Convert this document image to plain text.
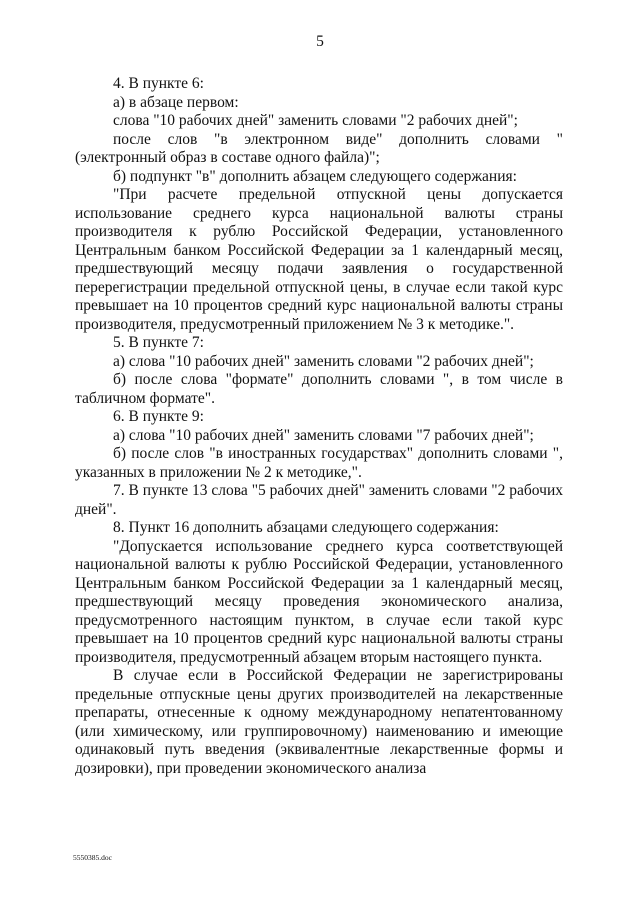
5

4. В пункте 6:

а) в абзаце первом:

слова "10 рабочих дней" заменить словами "2 рабочих дней";

после слов "в электронном виде" дополнить словами "(электронный образ в составе одного файла)";

б) подпункт "в" дополнить абзацем следующего содержания:

"При расчете предельной отпускной цены допускается использование среднего курса национальной валюты страны производителя к рублю Российской Федерации, установленного Центральным банком Российской Федерации за 1 календарный месяц, предшествующий месяцу подачи заявления о государственной перерегистрации предельной отпускной цены, в случае если такой курс превышает на 10 процентов средний курс национальной валюты страны производителя, предусмотренный приложением № 3 к методике.".

5. В пункте 7:

а) слова "10 рабочих дней" заменить словами "2 рабочих дней";

б) после слова "формате" дополнить словами ", в том числе в табличном формате".

6. В пункте 9:

а) слова "10 рабочих дней" заменить словами "7 рабочих дней";

б) после слов "в иностранных государствах" дополнить словами ", указанных в приложении № 2 к методике,".

7. В пункте 13 слова "5 рабочих дней" заменить словами "2 рабочих дней".

8. Пункт 16 дополнить абзацами следующего содержания:

"Допускается использование среднего курса соответствующей национальной валюты к рублю Российской Федерации, установленного Центральным банком Российской Федерации за 1 календарный месяц, предшествующий месяцу проведения экономического анализа, предусмотренного настоящим пунктом, в случае если такой курс превышает на 10 процентов средний курс национальной валюты страны производителя, предусмотренный абзацем вторым настоящего пункта.

В случае если в Российской Федерации не зарегистрированы предельные отпускные цены других производителей на лекарственные препараты, отнесенные к одному международному непатентованному (или химическому, или группировочному) наименованию и имеющие одинаковый путь введения (эквивалентные лекарственные формы и дозировки), при проведении экономического анализа

5550385.doc
